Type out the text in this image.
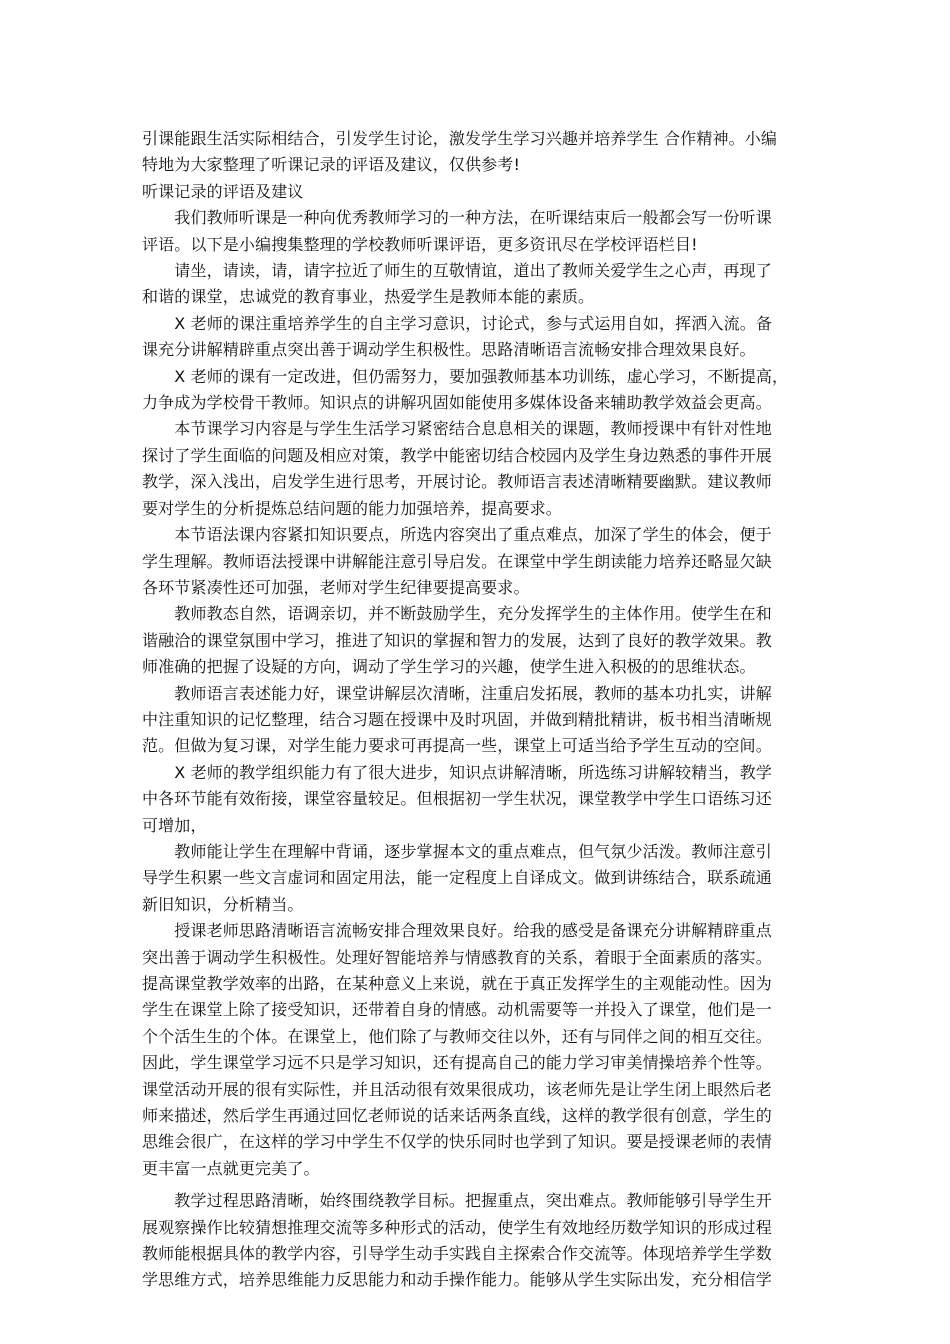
引课能跟生活实际相结合，引发学生讨论，激发学生学习兴趣并培养学生 合作精神。小编
特地为大家整理了听课记录的评语及建议，仅供参考!
听课记录的评语及建议
　　我们教师听课是一种向优秀教师学习的一种方法，在听课结束后一般都会写一份听课
评语。以下是小编搜集整理的学校教师听课评语，更多资讯尽在学校评语栏目!
　　请坐，请读，请，请字拉近了师生的互敬情谊，道出了教师关爱学生之心声，再现了
和谐的课堂，忠诚党的教育事业，热爱学生是教师本能的素质。
　　X 老师的课注重培养学生的自主学习意识，讨论式，参与式运用自如，挥洒入流。备
课充分讲解精辟重点突出善于调动学生积极性。思路清晰语言流畅安排合理效果良好。
　　X 老师的课有一定改进，但仍需努力，要加强教师基本功训练，虚心学习，不断提高，
力争成为学校骨干教师。知识点的讲解巩固如能使用多媒体设备来辅助教学效益会更高。
　　本节课学习内容是与学生生活学习紧密结合息息相关的课题，教师授课中有针对性地
探讨了学生面临的问题及相应对策，教学中能密切结合校园内及学生身边熟悉的事件开展
教学，深入浅出，启发学生进行思考，开展讨论。教师语言表述清晰精要幽默。建议教师
要对学生的分析提炼总结问题的能力加强培养，提高要求。
　　本节语法课内容紧扣知识要点，所选内容突出了重点难点，加深了学生的体会，便于
学生理解。教师语法授课中讲解能注意引导启发。在课堂中学生朗读能力培养还略显欠缺
各环节紧凑性还可加强，老师对学生纪律要提高要求。
　　教师教态自然，语调亲切，并不断鼓励学生，充分发挥学生的主体作用。使学生在和
谐融洽的课堂氛围中学习，推进了知识的掌握和智力的发展，达到了良好的教学效果。教
师准确的把握了设疑的方向，调动了学生学习的兴趣，使学生进入积极的的思维状态。
　　教师语言表述能力好，课堂讲解层次清晰，注重启发拓展，教师的基本功扎实，讲解
中注重知识的记忆整理，结合习题在授课中及时巩固，并做到精批精讲，板书相当清晰规
范。但做为复习课，对学生能力要求可再提高一些，课堂上可适当给予学生互动的空间。
　　X 老师的教学组织能力有了很大进步，知识点讲解清晰，所选练习讲解较精当，教学
中各环节能有效衔接，课堂容量较足。但根据初一学生状况，课堂教学中学生口语练习还
可增加，
　　教师能让学生在理解中背诵，逐步掌握本文的重点难点，但气氛少活泼。教师注意引
导学生积累一些文言虚词和固定用法，能一定程度上自译成文。做到讲练结合，联系疏通
新旧知识，分析精当。
　　授课老师思路清晰语言流畅安排合理效果良好。给我的感受是备课充分讲解精辟重点
突出善于调动学生积极性。处理好智能培养与情感教育的关系，着眼于全面素质的落实。
提高课堂教学效率的出路，在某种意义上来说，就在于真正发挥学生的主观能动性。因为
学生在课堂上除了接受知识，还带着自身的情感。动机需要等一并投入了课堂，他们是一
个个活生生的个体。在课堂上，他们除了与教师交往以外，还有与同伴之间的相互交往。
因此，学生课堂学习远不只是学习知识，还有提高自己的能力学习审美情操培养个性等。
课堂活动开展的很有实际性，并且活动很有效果很成功，该老师先是让学生闭上眼然后老
师来描述，然后学生再通过回忆老师说的话来话两条直线，这样的教学很有创意，学生的
思维会很广，在这样的学习中学生不仅学的快乐同时也学到了知识。要是授课老师的表情
更丰富一点就更完美了。
　　教学过程思路清晰，始终围绕教学目标。把握重点，突出难点。教师能够引导学生开
展观察操作比较猜想推理交流等多种形式的活动，使学生有效地经历数学知识的形成过程
教师能根据具体的教学内容，引导学生动手实践自主探索合作交流等。体现培养学生学数
学思维方式，培养思维能力反思能力和动手操作能力。能够从学生实际出发，充分相信学
